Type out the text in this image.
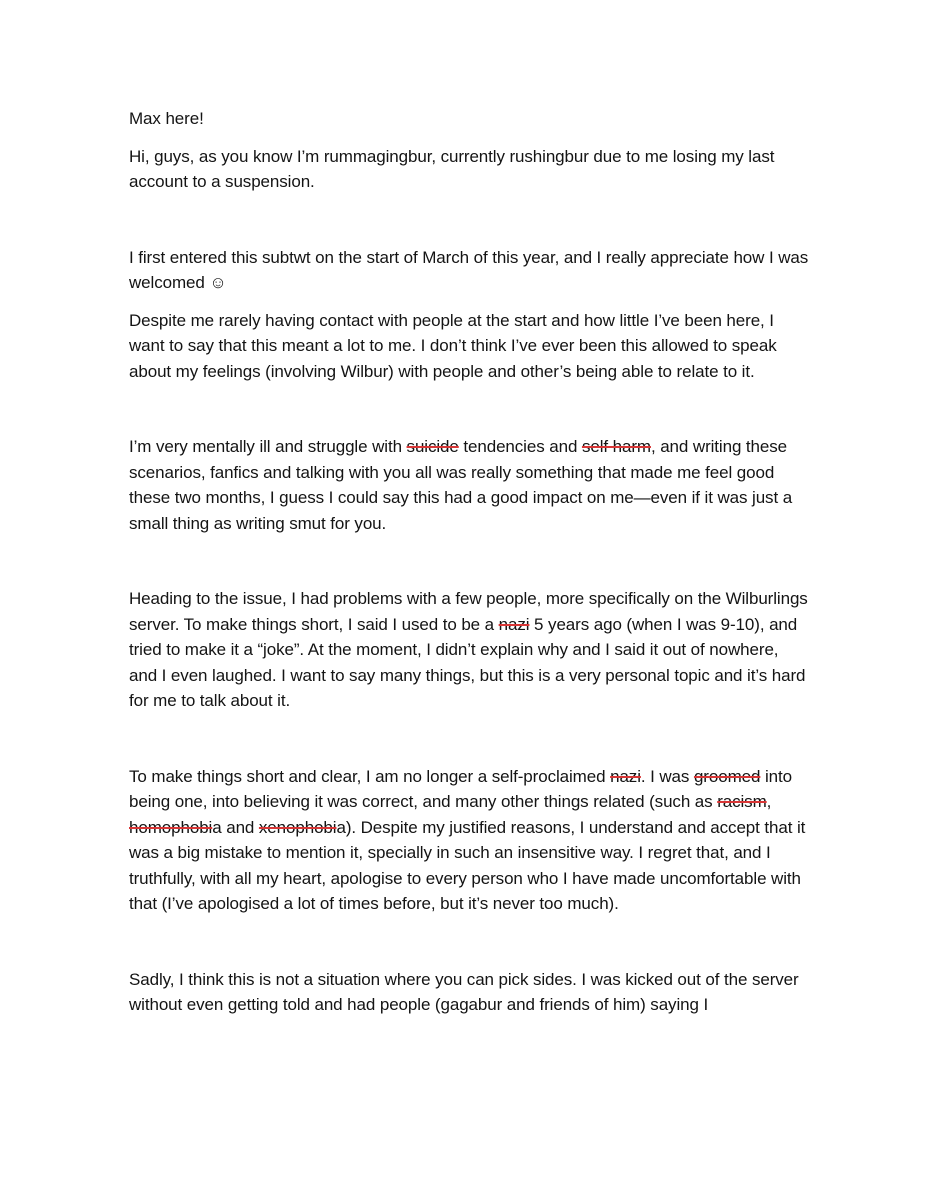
Max here!

Hi, guys, as you know I’m rummagingbur, currently rushingbur due to me losing my last account to a suspension.

I first entered this subtwt on the start of March of this year, and I really appreciate how I was welcomed ☺

Despite me rarely having contact with people at the start and how little I’ve been here, I want to say that this meant a lot to me. I don’t think I’ve ever been this allowed to speak about my feelings (involving Wilbur) with people and other’s being able to relate to it.

I’m very mentally ill and struggle with suicide tendencies and self harm, and writing these scenarios, fanfics and talking with you all was really something that made me feel good these two months, I guess I could say this had a good impact on me—even if it was just a small thing as writing smut for you.

Heading to the issue, I had problems with a few people, more specifically on the Wilburlings server. To make things short, I said I used to be a nazi 5 years ago (when I was 9-10), and tried to make it a “joke”. At the moment, I didn’t explain why and I said it out of nowhere, and I even laughed. I want to say many things, but this is a very personal topic and it’s hard for me to talk about it.

To make things short and clear, I am no longer a self-proclaimed nazi. I was groomed into being one, into believing it was correct, and many other things related (such as racism, homophobia and xenophobia). Despite my justified reasons, I understand and accept that it was a big mistake to mention it, specially in such an insensitive way. I regret that, and I truthfully, with all my heart, apologise to every person who I have made uncomfortable with that (I’ve apologised a lot of times before, but it’s never too much).

Sadly, I think this is not a situation where you can pick sides. I was kicked out of the server without even getting told and had people (gagabur and friends of him) saying I
